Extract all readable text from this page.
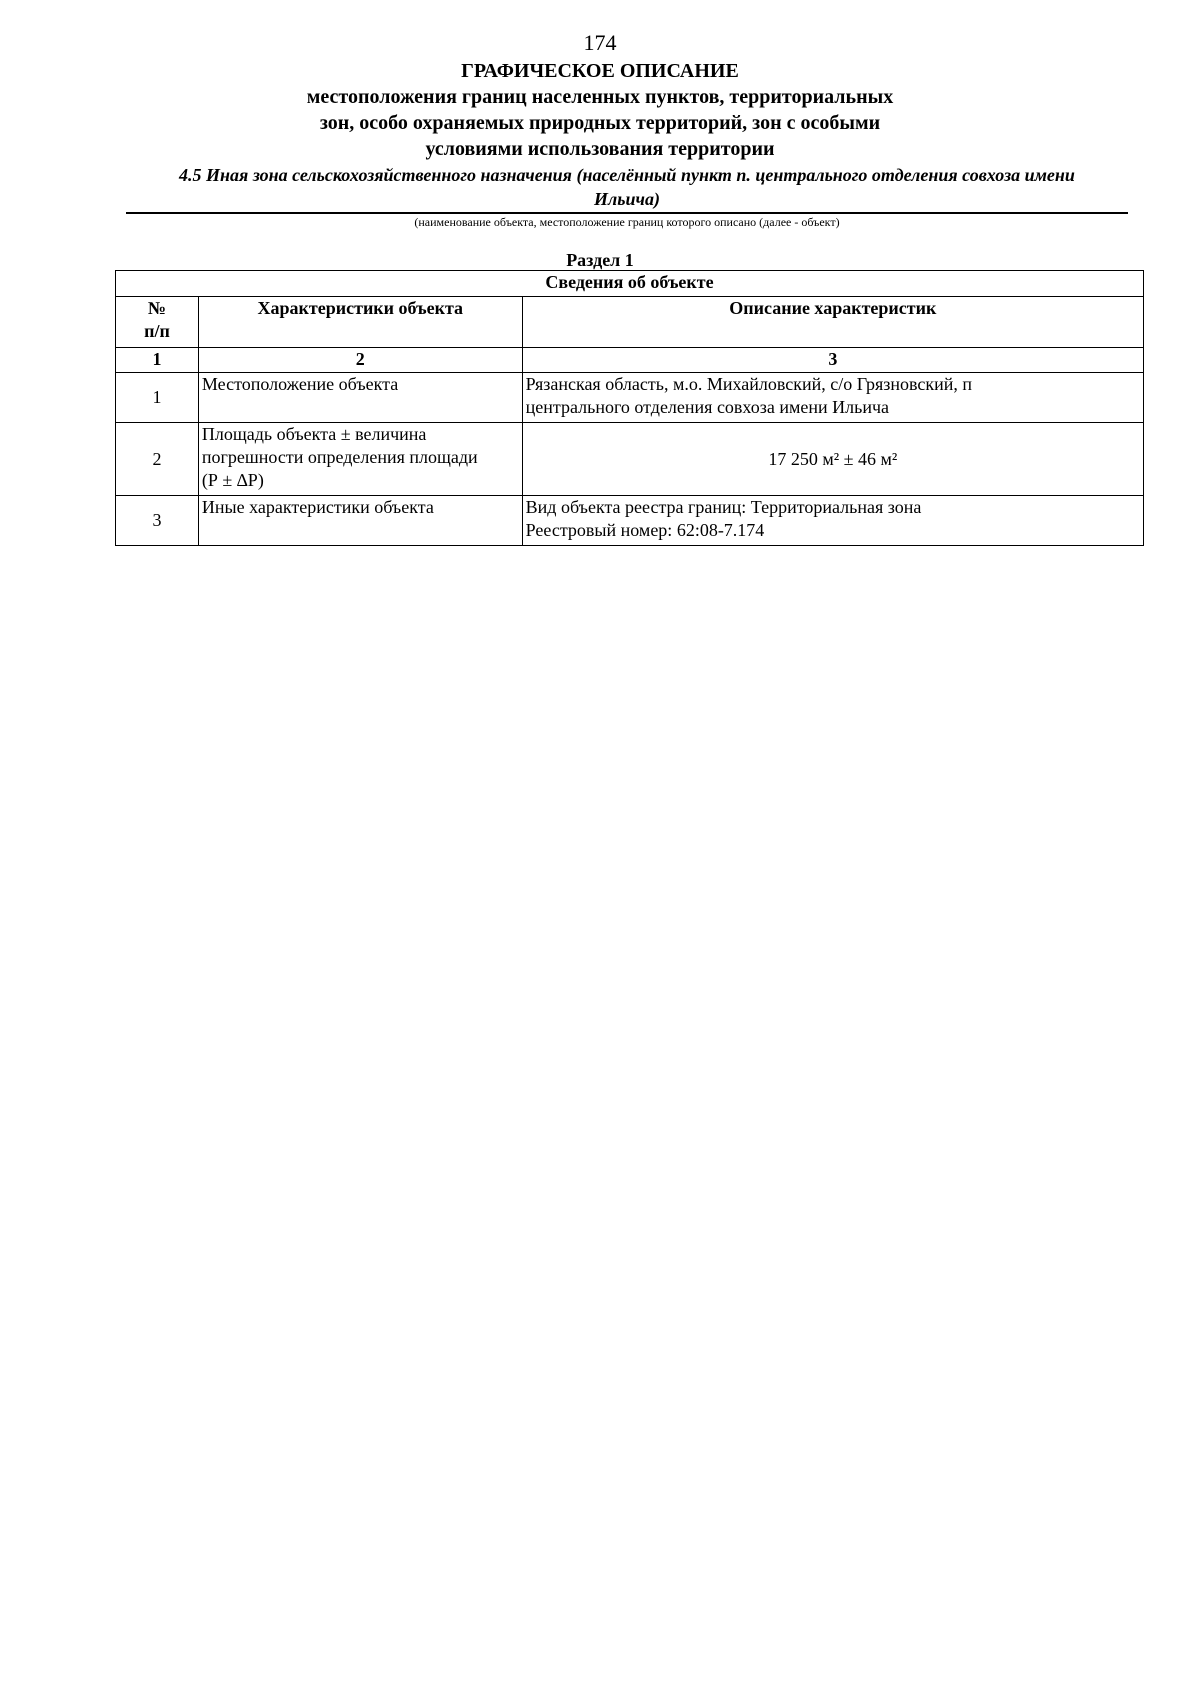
174
ГРАФИЧЕСКОЕ ОПИСАНИЕ
местоположения границ населенных пунктов, территориальных
зон, особо охраняемых природных территорий, зон с особыми
условиями использования территории
4.5 Иная зона сельскохозяйственного назначения (населённый пункт п. центрального отделения совхоза имени
Ильича)
(наименование объекта, местоположение границ которого описано (далее - объект)
Раздел 1
Сведения об объекте		

№
п/п	Характеристики объекта	Описание характеристик
1	2	3
1	Местоположение объекта	Рязанская область, м.о. Михайловский, с/о Грязновский, п
центрального отделения совхоза имени Ильича

2	Площадь объекта ± величина
погрешности определения площади
(Р ± ∆Р)	17 250 м² ± 46 м²
3	Иные характеристики объекта	Вид объекта реестра границ: Территориальная зона
Реестровый номер: 62:08-7.174
